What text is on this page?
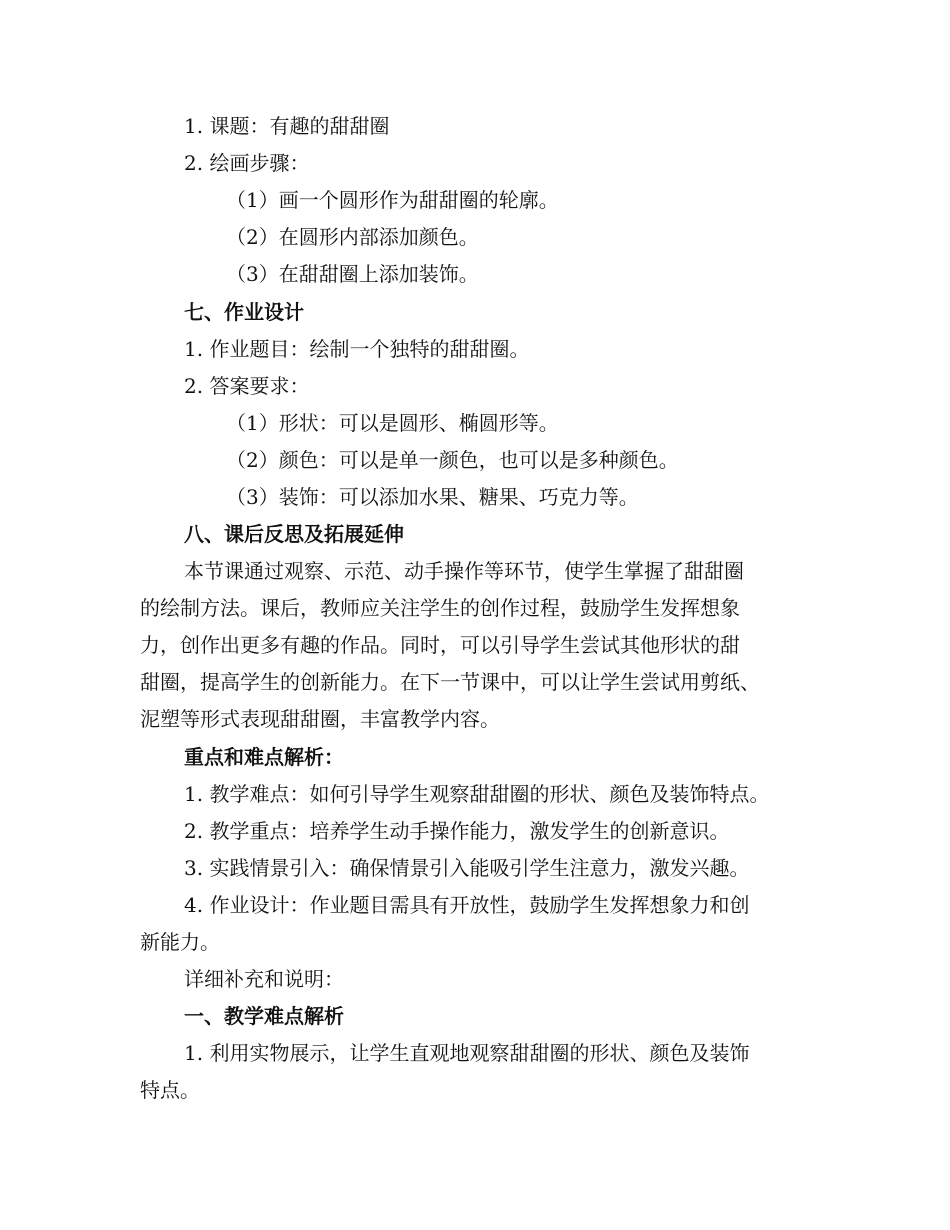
1. 课题：有趣的甜甜圈
2. 绘画步骤：
（1）画一个圆形作为甜甜圈的轮廓。
（2）在圆形内部添加颜色。
（3）在甜甜圈上添加装饰。
七、作业设计
1. 作业题目：绘制一个独特的甜甜圈。
2. 答案要求：
（1）形状：可以是圆形、椭圆形等。
（2）颜色：可以是单一颜色，也可以是多种颜色。
（3）装饰：可以添加水果、糖果、巧克力等。
八、课后反思及拓展延伸
本节课通过观察、示范、动手操作等环节，使学生掌握了甜甜圈
的绘制方法。课后，教师应关注学生的创作过程，鼓励学生发挥想象
力，创作出更多有趣的作品。同时，可以引导学生尝试其他形状的甜
甜圈，提高学生的创新能力。在下一节课中，可以让学生尝试用剪纸、
泥塑等形式表现甜甜圈，丰富教学内容。
重点和难点解析：
1. 教学难点：如何引导学生观察甜甜圈的形状、颜色及装饰特点。
2. 教学重点：培养学生动手操作能力，激发学生的创新意识。
3. 实践情景引入：确保情景引入能吸引学生注意力，激发兴趣。
4. 作业设计：作业题目需具有开放性，鼓励学生发挥想象力和创
新能力。
详细补充和说明：
一、教学难点解析
1. 利用实物展示，让学生直观地观察甜甜圈的形状、颜色及装饰
特点。
